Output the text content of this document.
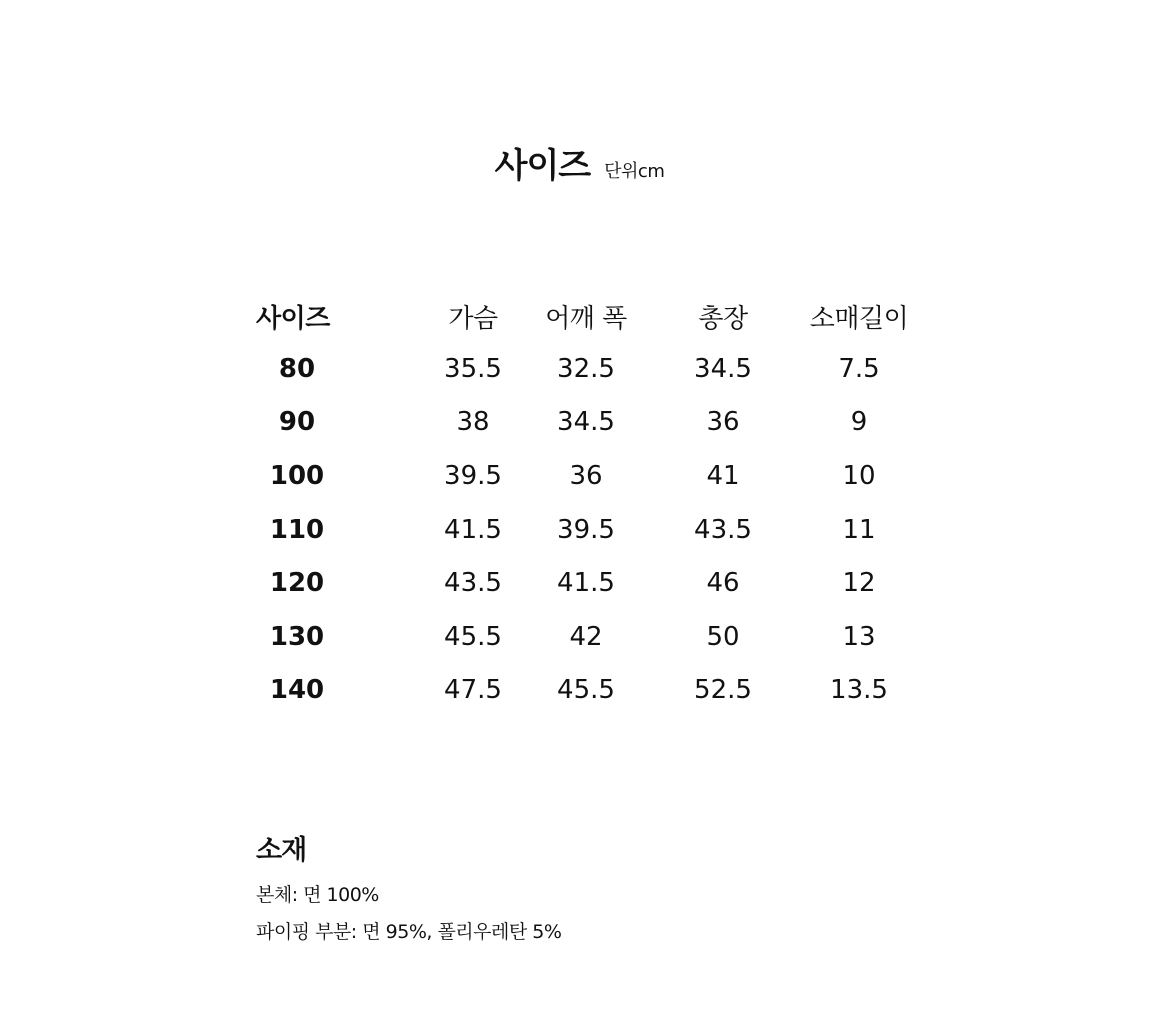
사이즈 단위cm
사이즈		가슴	어깨 폭	총장	소매길이
80		35.5	32.5	34.5	7.5
90		38	34.5	36	9
100		39.5	36	41	10
110		41.5	39.5	43.5	11
120		43.5	41.5	46	12
130		45.5	42	50	13
140		47.5	45.5	52.5	13.5

소재

본체: 면 100%

파이핑 부분: 면 95%, 폴리우레탄 5%
